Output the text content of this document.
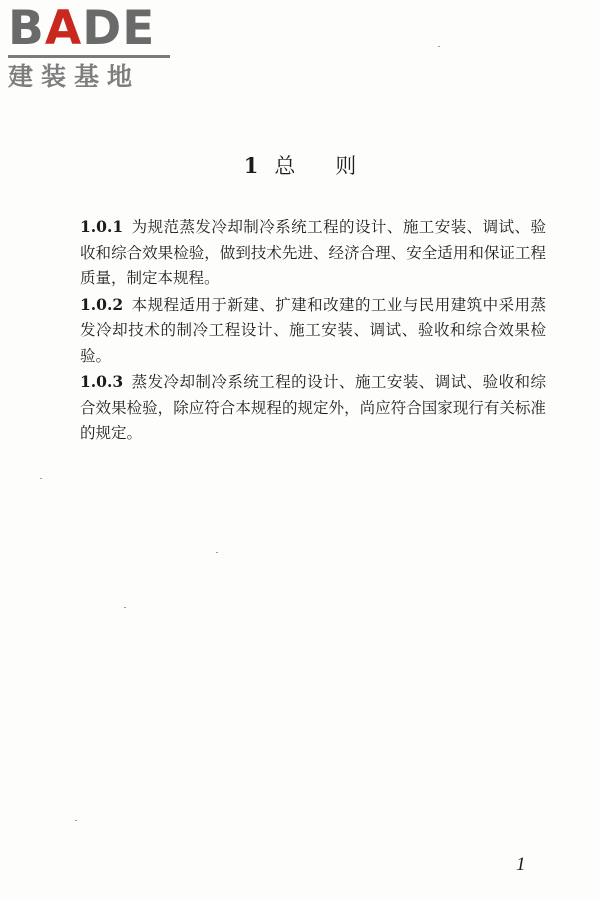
BADE
建装基地
1 总则

1.0.1 为规范蒸发冷却制冷系统工程的设计、施工安装、调试、验收和综合效果检验，做到技术先进、经济合理、安全适用和保证工程质量，制定本规程。

1.0.2 本规程适用于新建、扩建和改建的工业与民用建筑中采用蒸发冷却技术的制冷工程设计、施工安装、调试、验收和综合效果检验。

1.0.3 蒸发冷却制冷系统工程的设计、施工安装、调试、验收和综合效果检验，除应符合本规程的规定外，尚应符合国家现行有关标准的规定。

1
